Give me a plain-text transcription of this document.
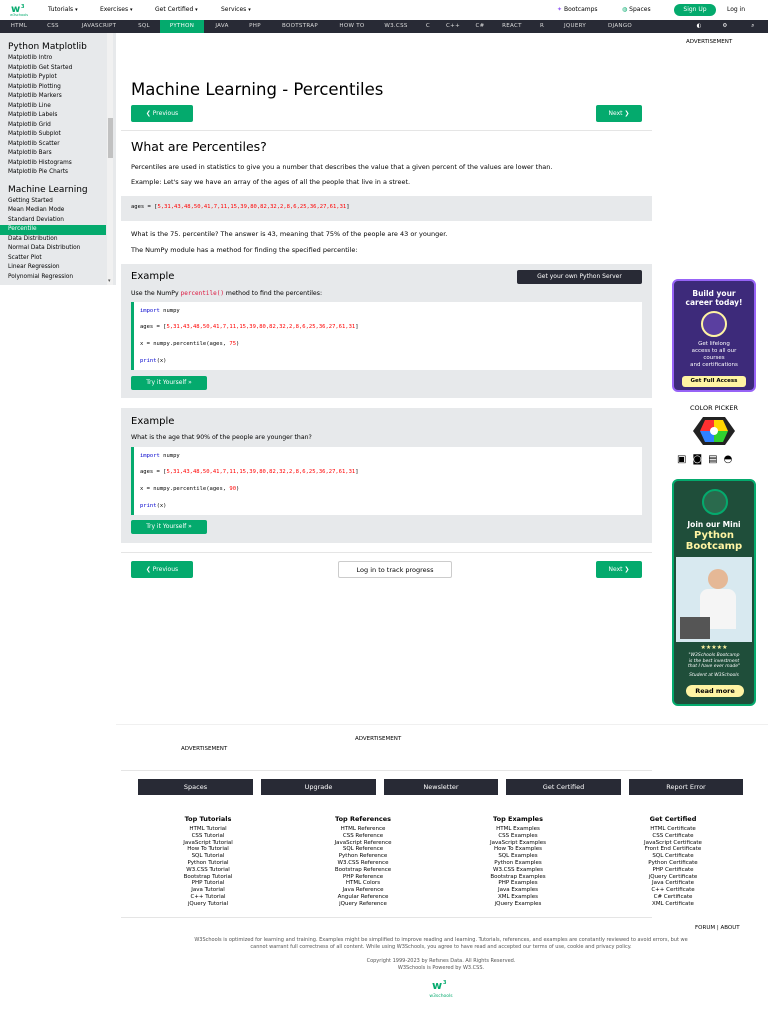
w 3
w3schools
Tutorials ▾	Exercises ▾	Get Certified ▾	Services ▾	✦ Bootcamps	◍ Spaces	Sign Up	Log in
HTML	CSS	JAVASCRIPT	SQL	PYTHON	JAVA	PHP	BOOTSTRAP	HOW TO	W3.CSS	C	C++	C#	REACT	R	JQUERY	DJANGO	◐	⚙	⌕
Python Matplotlib
Matplotlib Intro
Matplotlib Get Started
Matplotlib Pyplot
Matplotlib Plotting
Matplotlib Markers
Matplotlib Line
Matplotlib Labels
Matplotlib Grid
Matplotlib Subplot
Matplotlib Scatter
Matplotlib Bars
Matplotlib Histograms
Matplotlib Pie Charts
Machine Learning
Getting Started
Mean Median Mode
Standard Deviation
Percentile
Data Distribution
Normal Data Distribution
Scatter Plot
Linear Regression
Polynomial Regression
▾
Machine Learning - Percentiles
❮ Previous	Next ❯
What are Percentiles?
Percentiles are used in statistics to give you a number that describes the value that a given percent of the values are lower than.
Example: Let's say we have an array of the ages of all the people that live in a street.
ages = [5,31,43,48,50,41,7,11,15,39,80,82,32,2,8,6,25,36,27,61,31]
What is the 75. percentile? The answer is 43, meaning that 75% of the people are 43 or younger.
The NumPy module has a method for finding the specified percentile:
Example	Get your own Python Server
Use the NumPy percentile() method to find the percentiles:
import numpy
ages = [5,31,43,48,50,41,7,11,15,39,80,82,32,2,8,6,25,36,27,61,31]
x = numpy.percentile(ages, 75)
print(x)
Try it Yourself »
Example
What is the age that 90% of the people are younger than?
import numpy
ages = [5,31,43,48,50,41,7,11,15,39,80,82,32,2,8,6,25,36,27,61,31]
x = numpy.percentile(ages, 90)
print(x)
Try it Yourself »
❮ Previous	Log in to track progress	Next ❯
ADVERTISEMENT
Build your
career today!
Get lifelong
access to all our
courses
and certifications
Get Full Access
COLOR PICKER
▣◙▤◓
Join our Mini
Python
Bootcamp
★★★★★
"W3Schools Bootcamp
is the best investment
that I have ever made"
Student at W3Schools
Read more
ADVERTISEMENT
ADVERTISEMENT
Spaces	Upgrade	Newsletter	Get Certified	Report Error
Top Tutorials
HTML Tutorial
CSS Tutorial
JavaScript Tutorial
How To Tutorial
SQL Tutorial
Python Tutorial
W3.CSS Tutorial
Bootstrap Tutorial
PHP Tutorial
Java Tutorial
C++ Tutorial
jQuery Tutorial
Top References
HTML Reference
CSS Reference
JavaScript Reference
SQL Reference
Python Reference
W3.CSS Reference
Bootstrap Reference
PHP Reference
HTML Colors
Java Reference
Angular Reference
jQuery Reference
Top Examples
HTML Examples
CSS Examples
JavaScript Examples
How To Examples
SQL Examples
Python Examples
W3.CSS Examples
Bootstrap Examples
PHP Examples
Java Examples
XML Examples
jQuery Examples
Get Certified
HTML Certificate
CSS Certificate
JavaScript Certificate
Front End Certificate
SQL Certificate
Python Certificate
PHP Certificate
jQuery Certificate
Java Certificate
C++ Certificate
C# Certificate
XML Certificate
FORUM | ABOUT
W3Schools is optimized for learning and training. Examples might be simplified to improve reading and learning. Tutorials, references, and examples are constantly reviewed to avoid errors, but we
cannot warrant full correctness of all content. While using W3Schools, you agree to have read and accepted our terms of use, cookie and privacy policy.
Copyright 1999-2023 by Refsnes Data. All Rights Reserved.
W3Schools is Powered by W3.CSS.
w 3
w3schools
